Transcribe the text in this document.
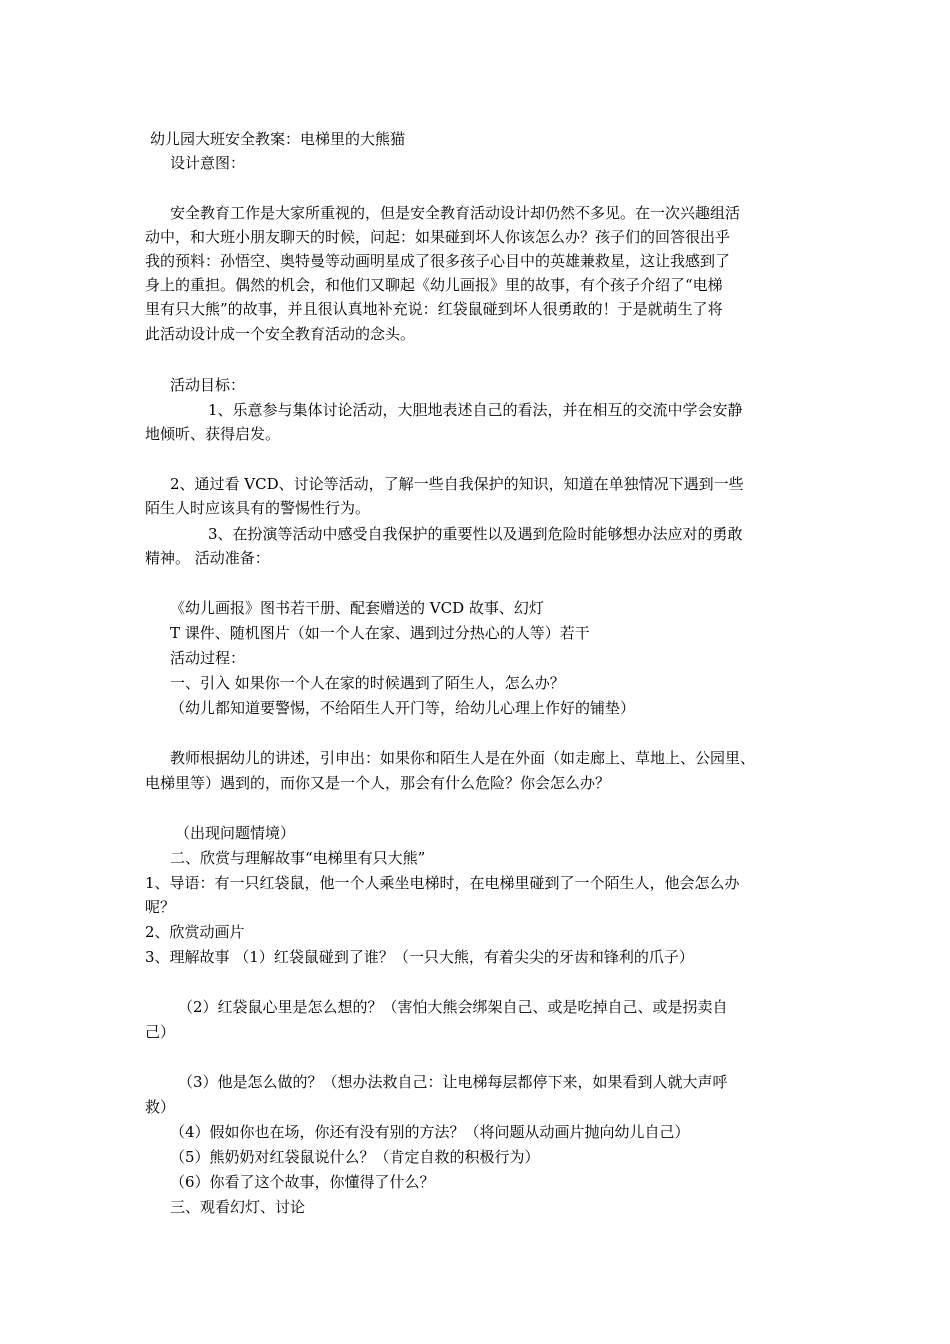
幼儿园大班安全教案：电梯里的大熊猫

设计意图：

安全教育工作是大家所重视的，但是安全教育活动设计却仍然不多见。在一次兴趣组活

动中，和大班小朋友聊天的时候，问起：如果碰到坏人你该怎么办？孩子们的回答很出乎

我的预料：孙悟空、奥特曼等动画明星成了很多孩子心目中的英雄兼救星，这让我感到了

身上的重担。偶然的机会，和他们又聊起《幼儿画报》里的故事，有个孩子介绍了“电梯

里有只大熊”的故事，并且很认真地补充说：红袋鼠碰到坏人很勇敢的！于是就萌生了将

此活动设计成一个安全教育活动的念头。

活动目标：

1、乐意参与集体讨论活动，大胆地表述自己的看法，并在相互的交流中学会安静

地倾听、获得启发。

2、通过看 VCD、讨论等活动，了解一些自我保护的知识，知道在单独情况下遇到一些

陌生人时应该具有的警惕性行为。

3、在扮演等活动中感受自我保护的重要性以及遇到危险时能够想办法应对的勇敢

精神。 活动准备：

《幼儿画报》图书若干册、配套赠送的 VCD 故事、幻灯

T 课件、随机图片（如一个人在家、遇到过分热心的人等）若干

活动过程：

一、引入 如果你一个人在家的时候遇到了陌生人，怎么办？

（幼儿都知道要警惕，不给陌生人开门等，给幼儿心理上作好的铺垫）

教师根据幼儿的讲述，引申出：如果你和陌生人是在外面（如走廊上、草地上、公园里、

电梯里等）遇到的，而你又是一个人，那会有什么危险？你会怎么办？

（出现问题情境）

二、欣赏与理解故事“电梯里有只大熊”

1、导语：有一只红袋鼠，他一个人乘坐电梯时，在电梯里碰到了一个陌生人，他会怎么办

呢？

2、欣赏动画片

3、理解故事 （1）红袋鼠碰到了谁？（一只大熊，有着尖尖的牙齿和锋利的爪子）

（2）红袋鼠心里是怎么想的？（害怕大熊会绑架自己、或是吃掉自己、或是拐卖自

己）

（3）他是怎么做的？（想办法救自己：让电梯每层都停下来，如果看到人就大声呼

救）

（4）假如你也在场，你还有没有别的方法？（将问题从动画片抛向幼儿自己）

（5）熊奶奶对红袋鼠说什么？（肯定自救的积极行为）

（6）你看了这个故事，你懂得了什么？

三、观看幻灯、讨论
